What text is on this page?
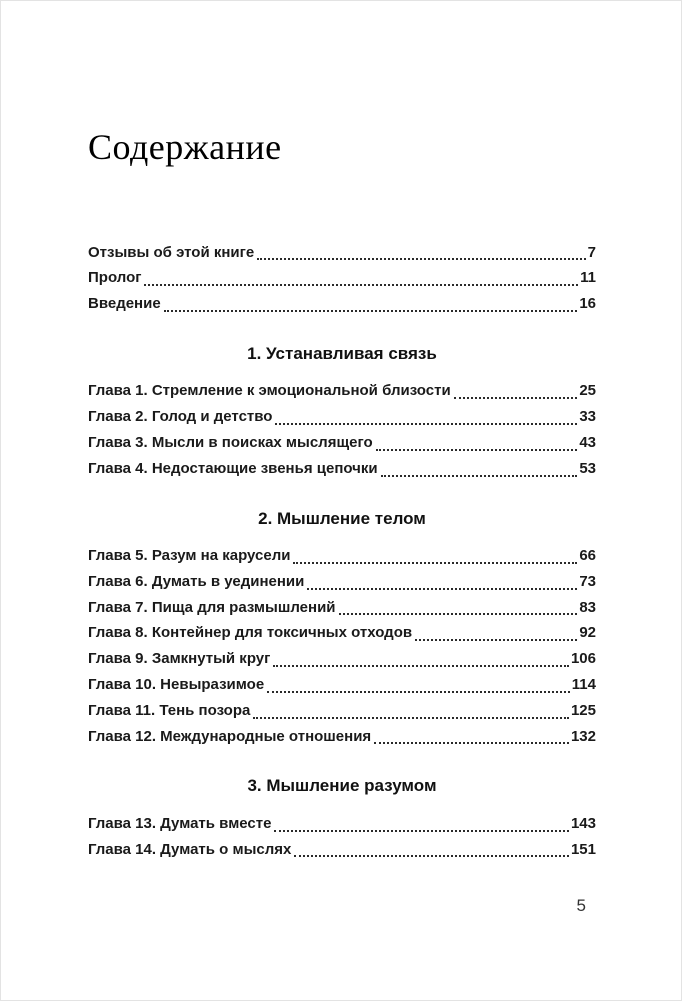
Содержание
Отзывы об этой книге	7
Пролог	11
Введение	16
1. Устанавливая связь
Глава 1. Стремление к эмоциональной близости	25
Глава 2. Голод и детство	33
Глава 3. Мысли в поисках мыслящего	43
Глава 4. Недостающие звенья цепочки	53
2. Мышление телом
Глава 5. Разум на карусели	66
Глава 6. Думать в уединении	73
Глава 7. Пища для размышлений	83
Глава 8. Контейнер для токсичных отходов	92
Глава 9. Замкнутый круг	106
Глава 10. Невыразимое	114
Глава 11. Тень позора	125
Глава 12. Международные отношения	132
3. Мышление разумом
Глава 13. Думать вместе	143
Глава 14. Думать о мыслях	151
5
